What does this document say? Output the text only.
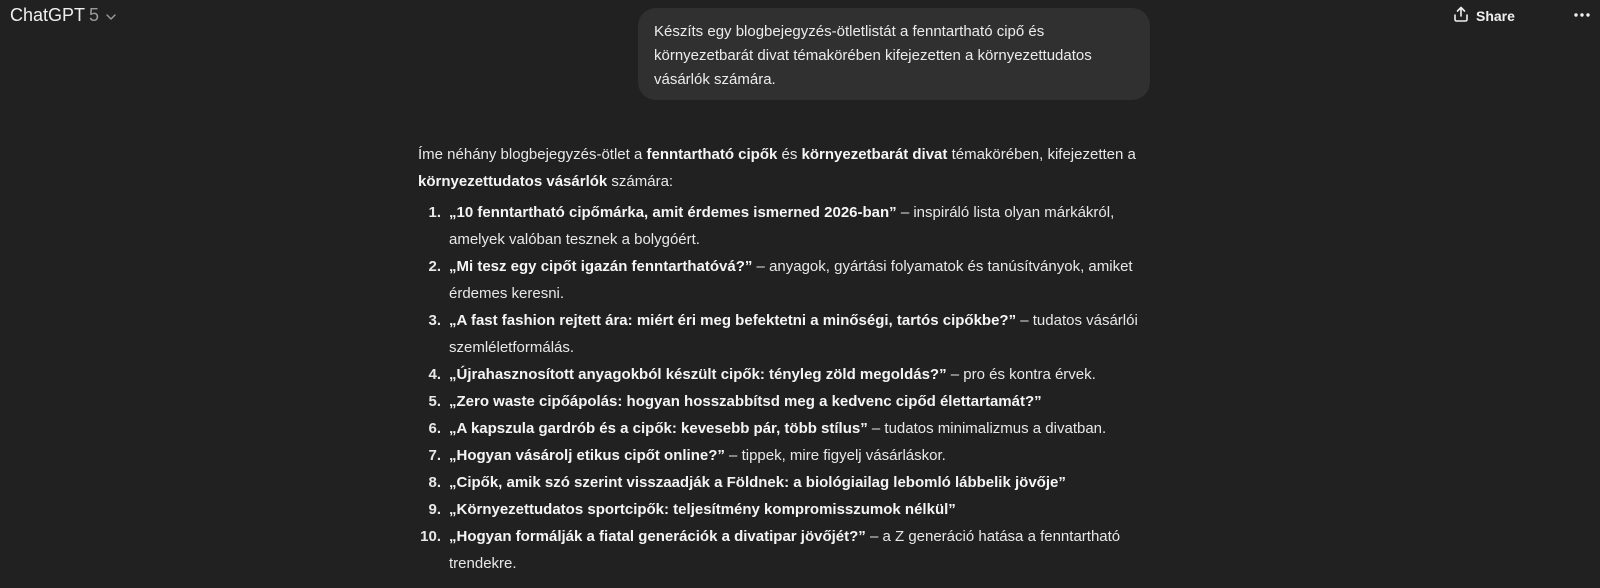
ChatGPT 5	Share
Készíts egy blogbejegyzés-ötletlistát a fenntartható cipő és környezetbarát divat témakörében kifejezetten a környezettudatos vásárlók számára.

Íme néhány blogbejegyzés-ötlet a fenntartható cipők és környezetbarát divat témakörében, kifejezetten a környezettudatos vásárlók számára:

1. „10 fenntartható cipőmárka, amit érdemes ismerned 2026-ban” – inspiráló lista olyan márkákról, amelyek valóban tesznek a bolygóért.
2. „Mi tesz egy cipőt igazán fenntarthatóvá?” – anyagok, gyártási folyamatok és tanúsítványok, amiket érdemes keresni.
3. „A fast fashion rejtett ára: miért éri meg befektetni a minőségi, tartós cipőkbe?” – tudatos vásárlói szemléletformálás.
4. „Újrahasznosított anyagokból készült cipők: tényleg zöld megoldás?” – pro és kontra érvek.
5. „Zero waste cipőápolás: hogyan hosszabbítsd meg a kedvenc cipőd élettartamát?”
6. „A kapszula gardrób és a cipők: kevesebb pár, több stílus” – tudatos minimalizmus a divatban.
7. „Hogyan vásárolj etikus cipőt online?” – tippek, mire figyelj vásárláskor.
8. „Cipők, amik szó szerint visszaadják a Földnek: a biológiailag lebomló lábbelik jövője”
9. „Környezettudatos sportcipők: teljesítmény kompromisszumok nélkül”
10. „Hogyan formálják a fiatal generációk a divatipar jövőjét?” – a Z generáció hatása a fenntartható trendekre.
